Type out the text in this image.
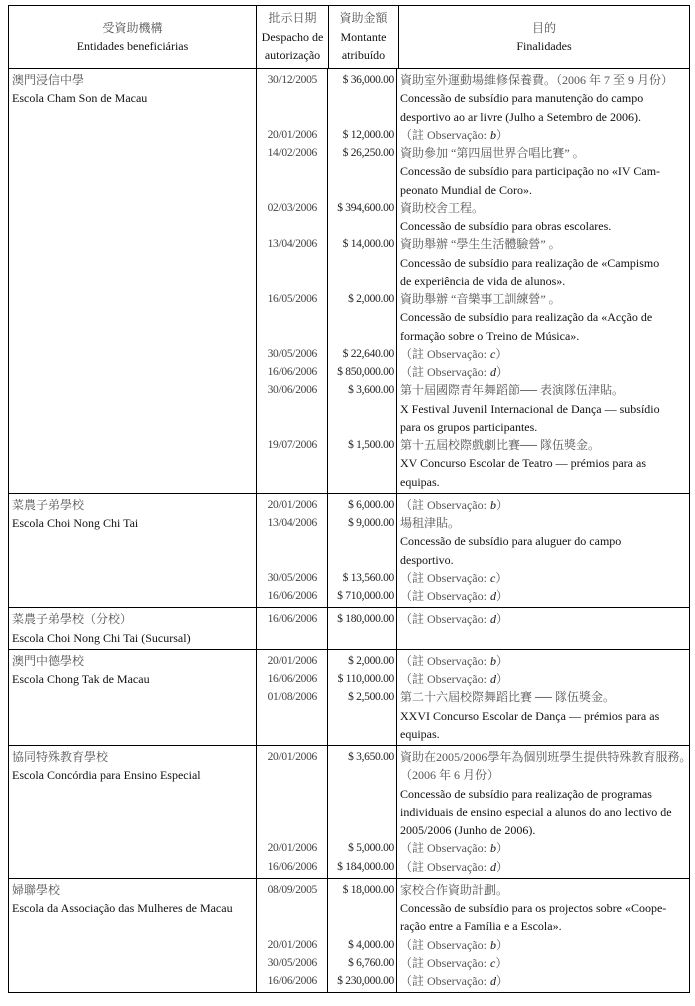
受資助機構
Entidades beneficiárias
批示日期
Despacho de
autorização
資助金額
Montante
atribuído
目的
Finalidades
澳門浸信中學
Escola Cham Son de Macau
30/12/2005
20/01/2006
14/02/2006
02/03/2006
13/04/2006
16/05/2006
30/05/2006
16/06/2006
30/06/2006
19/07/2006
$ 36,000.00
$ 12,000.00
$ 26,250.00
$ 394,600.00
$ 14,000.00
$ 2,000.00
$ 22,640.00
$ 850,000.00
$ 3,600.00
$ 1,500.00
資助室外運動場維修保養費。（2006 年 7 至 9 月份）
Concessão de subsídio para manutenção do campo
desportivo ao ar livre (Julho a Setembro de 2006).
（註 Observação: b）
資助參加 “第四屆世界合唱比賽” 。
Concessão de subsídio para participação no «IV Cam-
peonato Mundial de Coro».
資助校舍工程。
Concessão de subsídio para obras escolares.
資助舉辦 “學生生活體驗營” 。
Concessão de subsídio para realização de «Campismo
de experiência de vida de alunos».
資助舉辦 “音樂事工訓練營” 。
Concessão de subsídio para realização da «Acção de
formação sobre o Treino de Música».
（註 Observação: c）
（註 Observação: d）
第十屆國際青年舞蹈節── 表演隊伍津貼。
X Festival Juvenil Internacional de Dança — subsídio
para os grupos participantes.
第十五屆校際戲劇比賽── 隊伍獎金。
XV Concurso Escolar de Teatro — prémios para as
equipas.
菜農子弟學校
Escola Choi Nong Chi Tai
20/01/2006
13/04/2006
30/05/2006
16/06/2006
$ 6,000.00
$ 9,000.00
$ 13,560.00
$ 710,000.00
（註 Observação: b）
場租津貼。
Concessão de subsídio para aluguer do campo
desportivo.
（註 Observação: c）
（註 Observação: d）
菜農子弟學校（分校）
Escola Choi Nong Chi Tai (Sucursal)
16/06/2006	$ 180,000.00 （註 Observação: d）
澳門中德學校
Escola Chong Tak de Macau
20/01/2006
16/06/2006
01/08/2006
$ 2,000.00
$ 110,000.00
$ 2,500.00
（註 Observação: b）
（註 Observação: d）
第二十六屆校際舞蹈比賽 ── 隊伍獎金。
XXVI Concurso Escolar de Dança — prémios para as
equipas.
協同特殊教育學校
Escola Concórdia para Ensino Especial
20/01/2006
20/01/2006
16/06/2006
$ 3,650.00
$ 5,000.00
$ 184,000.00
資助在2005/2006學年為個別班學生提供特殊教育服務。
（2006 年 6 月份）
Concessão de subsídio para realização de programas
individuais de ensino especial a alunos do ano lectivo de
2005/2006 (Junho de 2006).
（註 Observação: b）
（註 Observação: d）
婦聯學校
Escola da Associação das Mulheres de Macau
08/09/2005
20/01/2006
30/05/2006
16/06/2006
$ 18,000.00
$ 4,000.00
$ 6,760.00
$ 230,000.00
家校合作資助計劃。
Concessão de subsídio para os projectos sobre «Coope-
ração entre a Família e a Escola».
（註 Observação: b）
（註 Observação: c）
（註 Observação: d）
